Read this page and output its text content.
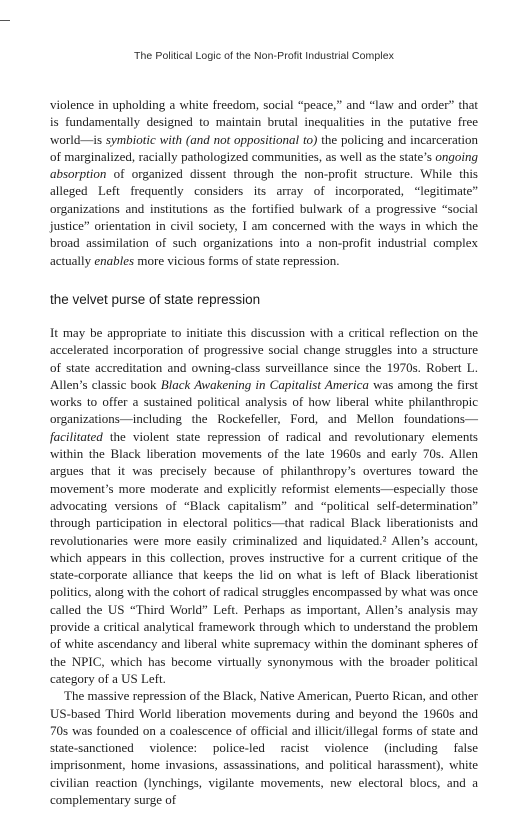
The Political Logic of the Non-Profit Industrial Complex

violence in upholding a white freedom, social “peace,” and “law and order” that is fundamentally designed to maintain brutal inequalities in the putative free world—is symbiotic with (and not oppositional to) the policing and incarceration of marginalized, racially pathologized communities, as well as the state’s ongoing absorption of organized dissent through the non-profit structure. While this alleged Left frequently considers its array of incorporated, “legitimate” organizations and institutions as the fortified bulwark of a progressive “social justice” orientation in civil society, I am concerned with the ways in which the broad assimilation of such organizations into a non-profit industrial complex actually enables more vicious forms of state repression.

the velvet purse of state repression

It may be appropriate to initiate this discussion with a critical reflection on the accelerated incorporation of progressive social change struggles into a structure of state accreditation and owning-class surveillance since the 1970s. Robert L. Allen’s classic book Black Awakening in Capitalist America was among the first works to offer a sustained political analysis of how liberal white philanthropic organizations—including the Rockefeller, Ford, and Mellon foundations—facilitated the violent state repression of radical and revolutionary elements within the Black liberation movements of the late 1960s and early 70s. Allen argues that it was precisely because of philanthropy’s overtures toward the movement’s more moderate and explicitly reformist elements—especially those advocating versions of “Black capitalism” and “political self-determination” through participation in electoral politics—that radical Black liberationists and revolutionaries were more easily criminalized and liquidated.² Allen’s account, which appears in this collection, proves instructive for a current critique of the state-corporate alliance that keeps the lid on what is left of Black liberationist politics, along with the cohort of radical struggles encompassed by what was once called the US “Third World” Left. Perhaps as important, Allen’s analysis may provide a critical analytical framework through which to understand the problem of white ascendancy and liberal white supremacy within the dominant spheres of the NPIC, which has become virtually synonymous with the broader political category of a US Left.

The massive repression of the Black, Native American, Puerto Rican, and other US-based Third World liberation movements during and beyond the 1960s and 70s was founded on a coalescence of official and illicit/illegal forms of state and state-sanctioned violence: police-led racist violence (including false imprisonment, home invasions, assassinations, and political harassment), white civilian reaction (lynchings, vigilante movements, new electoral blocs, and a complementary surge of
